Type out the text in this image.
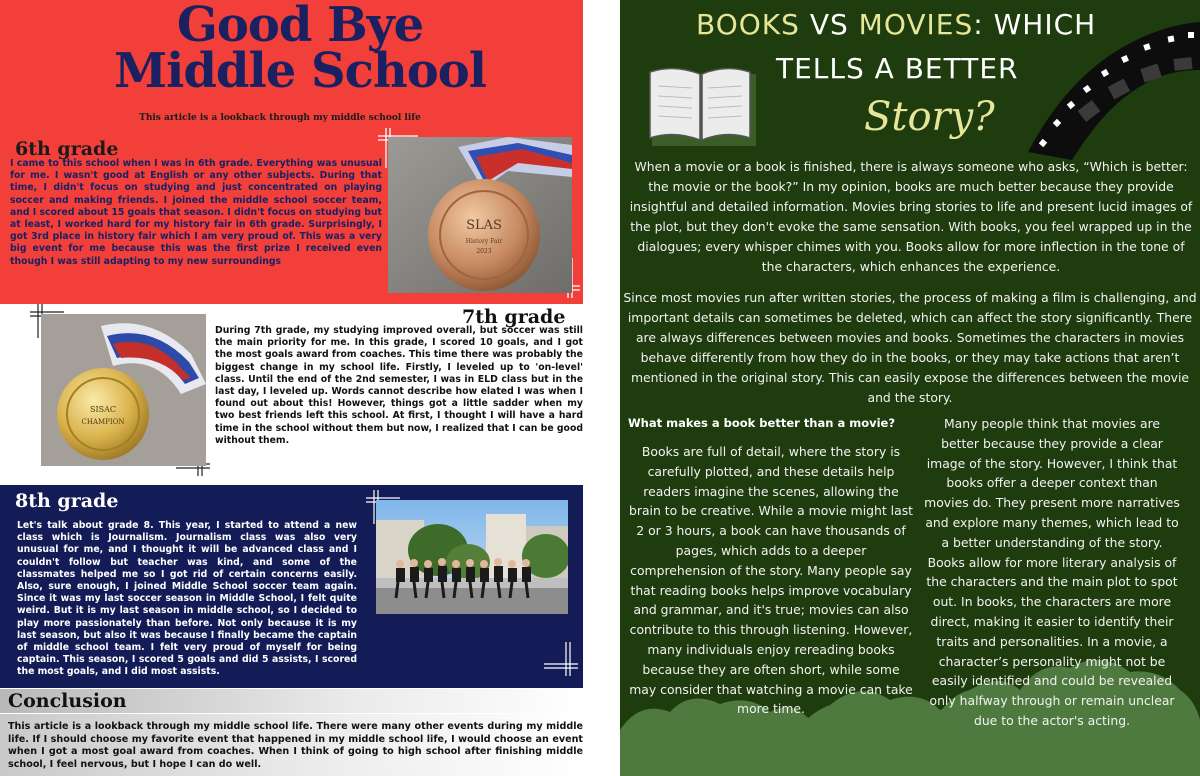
Good Bye
Middle School
This article is a lookback through my middle school life
6th grade
I came to this school when I was in 6th grade. Everything was unusual for me. I wasn't good at English or any other subjects. During that time, I didn't focus on studying and just concentrated on playing soccer and making friends. I joined the middle school soccer team, and I scored about 15 goals that season. I didn't focus on studying but at least, I worked hard for my history fair in 6th grade. Surprisingly, I got 3rd place in history fair which I am very proud of. This was a very big event for me because this was the first prize I received even though I was still adapting to my new surroundings
SLAS
History Fair
2023
7th grade
During 7th grade, my studying improved overall, but soccer was still the main priority for me. In this grade, I scored 10 goals, and I got the most goals award from coaches. This time there was probably the biggest change in my school life. Firstly, I leveled up to 'on-level' class. Until the end of the 2nd semester, I was in ELD class but in the last day, I leveled up. Words cannot describe how elated I was when I found out about this! However, things got a little sadder when my two best friends left this school. At first, I thought I will have a hard time in the school without them but now, I realized that I can be good without them.
SISAC
CHAMPION
8th grade
Let's talk about grade 8. This year, I started to attend a new class which is Journalism. Journalism class was also very unusual for me, and I thought it will be advanced class and I couldn't follow but teacher was kind, and some of the classmates helped me so I got rid of certain concerns easily. Also, sure enough, I joined Middle School soccer team again. Since it was my last soccer season in Middle School, I felt quite weird. But it is my last season in middle school, so I decided to play more passionately than before. Not only because it is my last season, but also it was because I finally became the captain of middle school team. I felt very proud of myself for being captain. This season, I scored 5 goals and did 5 assists, I scored the most goals, and I did most assists.
Conclusion
This article is a lookback through my middle school life. There were many other events during my middle life. If I should choose my favorite event that happened in my middle school life, I would choose an event when I got a most goal award from coaches. When I think of going to high school after finishing middle school, I feel nervous, but I hope I can do well.
BOOKS VS MOVIES: WHICH
TELLS A BETTER
Story?
When a movie or a book is finished, there is always someone who asks, “Which is better: the movie or the book?” In my opinion, books are much better because they provide insightful and detailed information. Movies bring stories to life and present lucid images of the plot, but they don't evoke the same sensation. With books, you feel wrapped up in the dialogues; every whisper chimes with you. Books allow for more inflection in the tone of the characters, which enhances the experience.
Since most movies run after written stories, the process of making a film is challenging, and important details can sometimes be deleted, which can affect the story significantly. There are always differences between movies and books. Sometimes the characters in movies behave differently from how they do in the books, or they may take actions that aren’t mentioned in the original story. This can easily expose the differences between the movie and the story.
What makes a book better than a movie?
Books are full of detail, where the story is carefully plotted, and these details help readers imagine the scenes, allowing the brain to be creative. While a movie might last 2 or 3 hours, a book can have thousands of pages, which adds to a deeper comprehension of the story. Many people say that reading books helps improve vocabulary and grammar, and it's true; movies can also contribute to this through listening. However, many individuals enjoy rereading books because they are often short, while some may consider that watching a movie can take more time.

Many people think that movies are better because they provide a clear image of the story. However, I think that books offer a deeper context than movies do. They present more narratives and explore many themes, which lead to a better understanding of the story.

Books allow for more literary analysis of the characters and the main plot to spot out. In books, the characters are more direct, making it easier to identify their traits and personalities. In a movie, a character’s personality might not be easily identified and could be revealed only halfway through or remain unclear due to the actor's acting.
